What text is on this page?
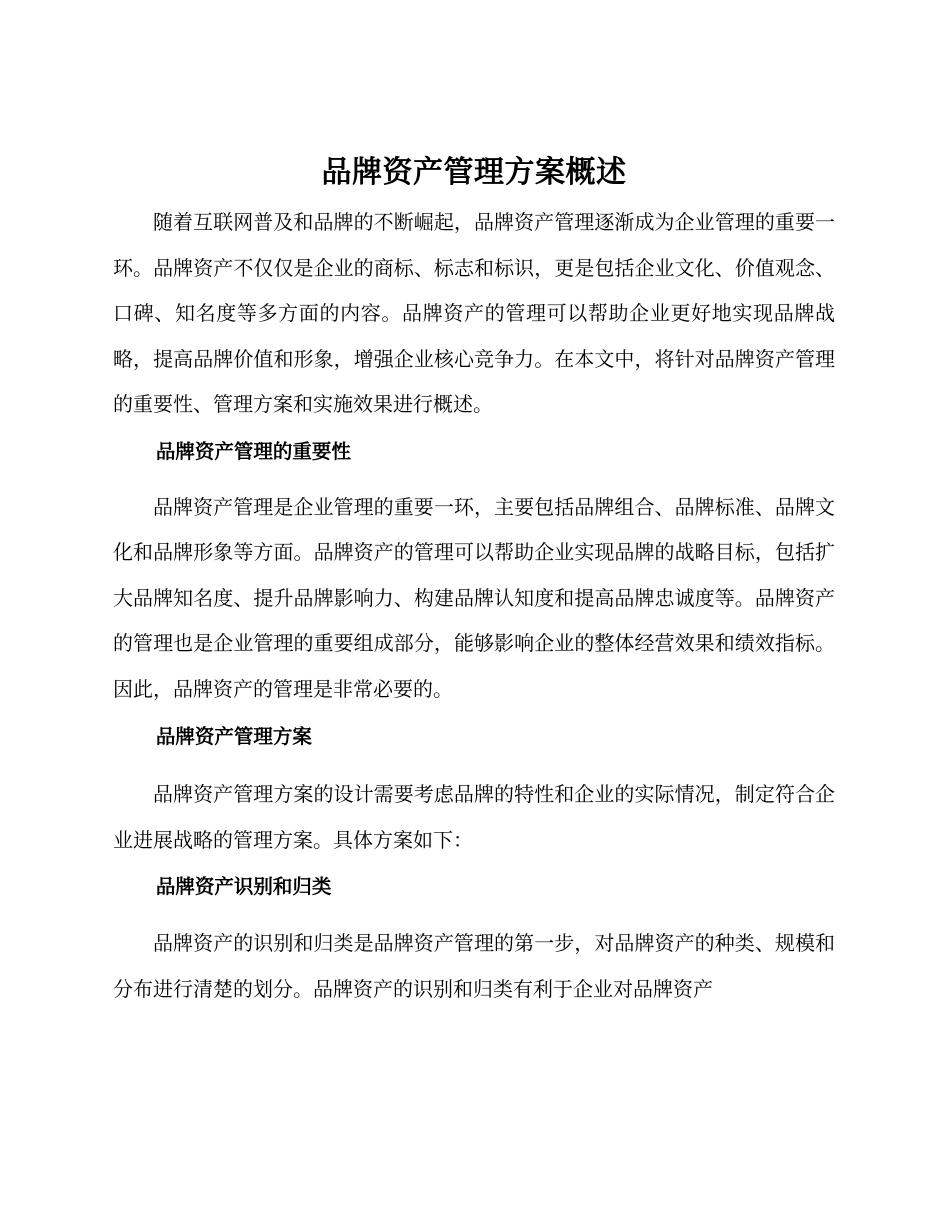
品牌资产管理方案概述

随着互联网普及和品牌的不断崛起，品牌资产管理逐渐成为企业管理的重要一环。品牌资产不仅仅是企业的商标、标志和标识，更是包括企业文化、价值观念、口碑、知名度等多方面的内容。品牌资产的管理可以帮助企业更好地实现品牌战略，提高品牌价值和形象，增强企业核心竞争力。在本文中，将针对品牌资产管理的重要性、管理方案和实施效果进行概述。

品牌资产管理的重要性

品牌资产管理是企业管理的重要一环，主要包括品牌组合、品牌标准、品牌文化和品牌形象等方面。品牌资产的管理可以帮助企业实现品牌的战略目标，包括扩大品牌知名度、提升品牌影响力、构建品牌认知度和提高品牌忠诚度等。品牌资产的管理也是企业管理的重要组成部分，能够影响企业的整体经营效果和绩效指标。因此，品牌资产的管理是非常必要的。

品牌资产管理方案

品牌资产管理方案的设计需要考虑品牌的特性和企业的实际情况，制定符合企业进展战略的管理方案。具体方案如下：

品牌资产识别和归类

品牌资产的识别和归类是品牌资产管理的第一步，对品牌资产的种类、规模和分布进行清楚的划分。品牌资产的识别和归类有利于企业对品牌资产
